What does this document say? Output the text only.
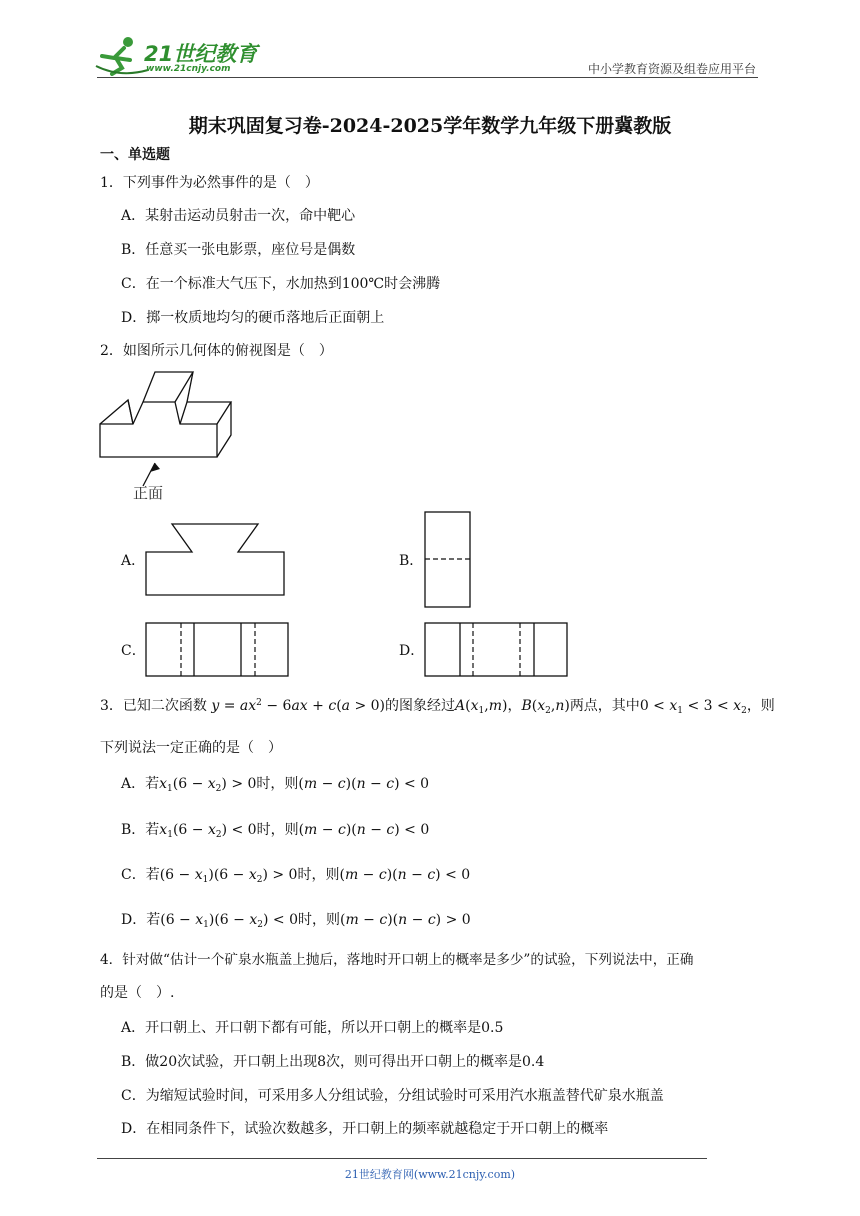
21世纪教育
www.21cnjy.com	中小学教育资源及组卷应用平台
期末巩固复习卷-2024-2025学年数学九年级下册冀教版
一、单选题
1．下列事件为必然事件的是（　）
A．某射击运动员射击一次，命中靶心
B．任意买一张电影票，座位号是偶数
C．在一个标准大气压下，水加热到100℃时会沸腾
D．掷一枚质地均匀的硬币落地后正面朝上
2．如图所示几何体的俯视图是（　）
正面
A．	B．
C．	D．
3．已知二次函数 $y = ax^2 - 6ax + c(a > 0)$的图象经过$A(x_1,m)$，$B(x_2,n)$两点，其中$0 < x_1 < 3 < x_2$，则
下列说法一定正确的是（　）
A．若$x_1(6 - x_2) > 0$时，则(m − c)(n − c) < 0
B．若$x_1(6 - x_2) < 0$时，则(m − c)(n − c) < 0
C．若$(6 - x_1)(6 - x_2) > 0$时，则(m − c)(n − c) < 0
D．若$(6 - x_1)(6 - x_2) < 0$时，则(m − c)(n − c) > 0
4．针对做“估计一个矿泉水瓶盖上抛后，落地时开口朝上的概率是多少”的试验，下列说法中，正确
的是（　）.
A．开口朝上、开口朝下都有可能，所以开口朝上的概率是0.5
B．做20次试验，开口朝上出现8次，则可得出开口朝上的概率是0.4
C．为缩短试验时间，可采用多人分组试验，分组试验时可采用汽水瓶盖替代矿泉水瓶盖
D．在相同条件下，试验次数越多，开口朝上的频率就越稳定于开口朝上的概率
21世纪教育网(www.21cnjy.com)
